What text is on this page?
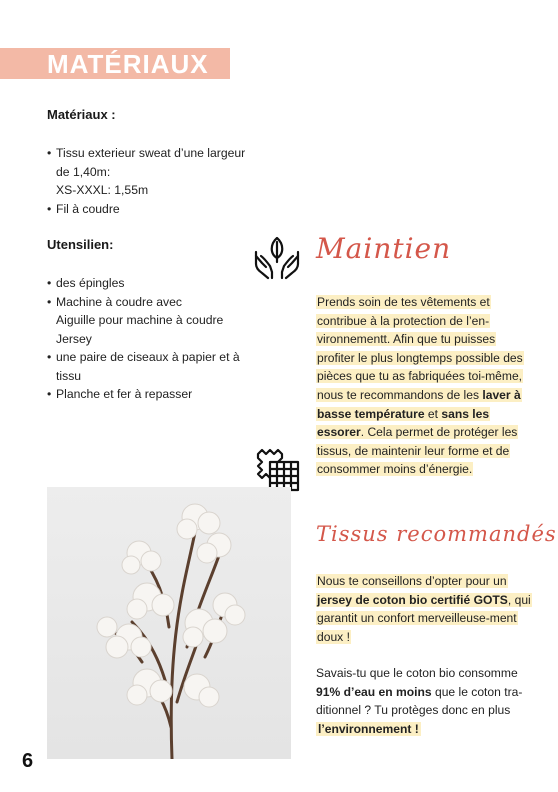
MATÉRIAUX
Matériaux :
• Tissu exterieur sweat d’une largeur
de 1,40m:
XS-XXXL: 1,55m
• Fil à coudre
Utensilien:
• des épingles
• Machine à coudre avec
Aiguille pour machine à coudre
Jersey
• une paire de ciseaux à papier et à
tissu
• Planche et fer à repasser
Maintien
Prends soin de tes vêtements et contribue à la protection de l’en-vironnementt. Afin que tu puisses profiter le plus longtemps possible des pièces que tu as fabriquées toi-même, nous te recommandons de les laver à basse température et sans les essorer. Cela permet de protéger les tissus, de maintenir leur forme et de consommer moins d’énergie.
Tissus recommandés
Nous te conseillons d’opter pour un jersey de coton bio certifié GOTS, qui garantit un confort merveilleuse-ment doux !
Savais-tu que le coton bio consomme 91% d’eau en moins que le coton tra-ditionnel ? Tu protèges donc en plus l’environnement !
6
